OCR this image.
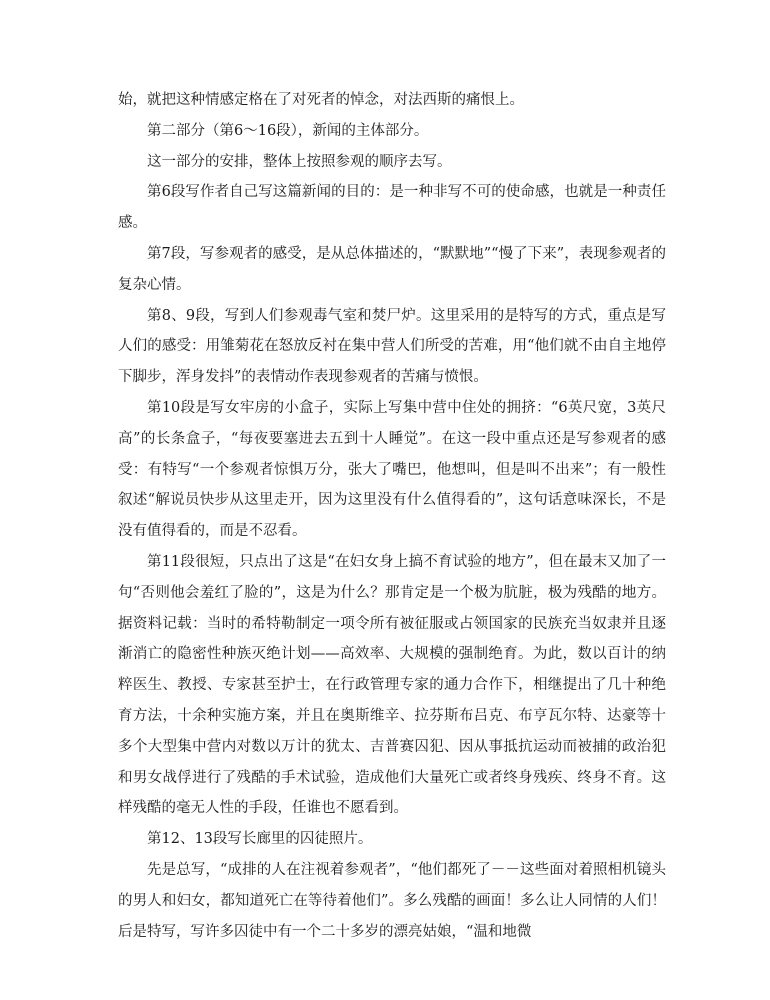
始，就把这种情感定格在了对死者的悼念，对法西斯的痛恨上。

第二部分（第6～16段），新闻的主体部分。

这一部分的安排，整体上按照参观的顺序去写。

第6段写作者自己写这篇新闻的目的：是一种非写不可的使命感，也就是一种责任感。

第7段，写参观者的感受，是从总体描述的，“默默地”“慢了下来”，表现参观者的复杂心情。

第8、9段，写到人们参观毒气室和焚尸炉。这里采用的是特写的方式，重点是写人们的感受：用雏菊花在怒放反衬在集中营人们所受的苦难，用“他们就不由自主地停下脚步，浑身发抖”的表情动作表现参观者的苦痛与愤恨。

第10段是写女牢房的小盒子，实际上写集中营中住处的拥挤：“6英尺宽，3英尺高”的长条盒子，“每夜要塞进去五到十人睡觉”。在这一段中重点还是写参观者的感受：有特写“一个参观者惊惧万分，张大了嘴巴，他想叫，但是叫不出来”；有一般性叙述“解说员快步从这里走开，因为这里没有什么值得看的”，这句话意味深长，不是没有值得看的，而是不忍看。

第11段很短，只点出了这是“在妇女身上搞不育试验的地方”，但在最末又加了一句“否则他会羞红了脸的”，这是为什么？那肯定是一个极为肮脏，极为残酷的地方。据资料记载：当时的希特勒制定一项令所有被征服或占领国家的民族充当奴隶并且逐渐消亡的隐密性种族灭绝计划——高效率、大规模的强制绝育。为此，数以百计的纳粹医生、教授、专家甚至护士，在行政管理专家的通力合作下，相继提出了几十种绝育方法，十余种实施方案，并且在奥斯维辛、拉芬斯布吕克、布亨瓦尔特、达豪等十多个大型集中营内对数以万计的犹太、吉普赛囚犯、因从事抵抗运动而被捕的政治犯和男女战俘进行了残酷的手术试验，造成他们大量死亡或者终身残疾、终身不育。这样残酷的毫无人性的手段，任谁也不愿看到。

第12、13段写长廊里的囚徒照片。

先是总写，“成排的人在注视着参观者”，“他们都死了－－这些面对着照相机镜头的男人和妇女，都知道死亡在等待着他们”。多么残酷的画面！多么让人同情的人们！后是特写，写许多囚徒中有一个二十多岁的漂亮姑娘，“温和地微
